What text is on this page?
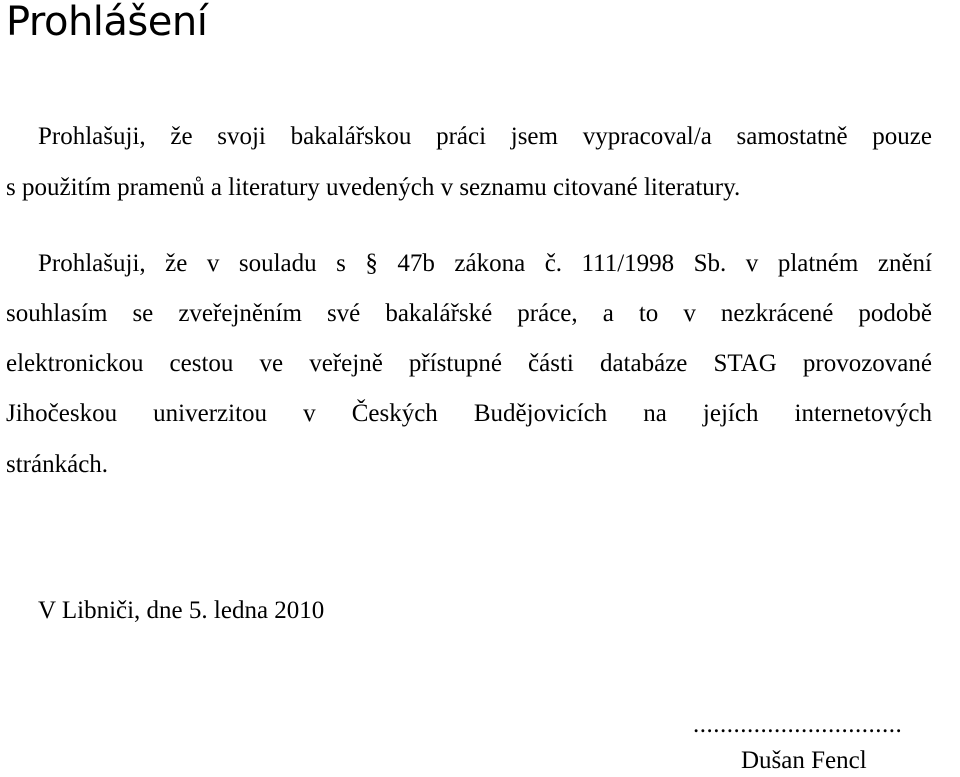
Prohlášení
Prohlašuji, že svoji bakalářskou práci jsem vypracoval/a samostatně pouze
s použitím pramenů a literatury uvedených v seznamu citované literatury.
Prohlašuji, že v souladu s § 47b zákona č. 111/1998 Sb. v platném znění
souhlasím se zveřejněním své bakalářské práce, a to v nezkrácené podobě
elektronickou cestou ve veřejně přístupné části databáze STAG provozované
Jihočeskou univerzitou v Českých Budějovicích na jejích internetových
stránkách.
V Libniči, dne 5. ledna 2010
...............................
Dušan Fencl
